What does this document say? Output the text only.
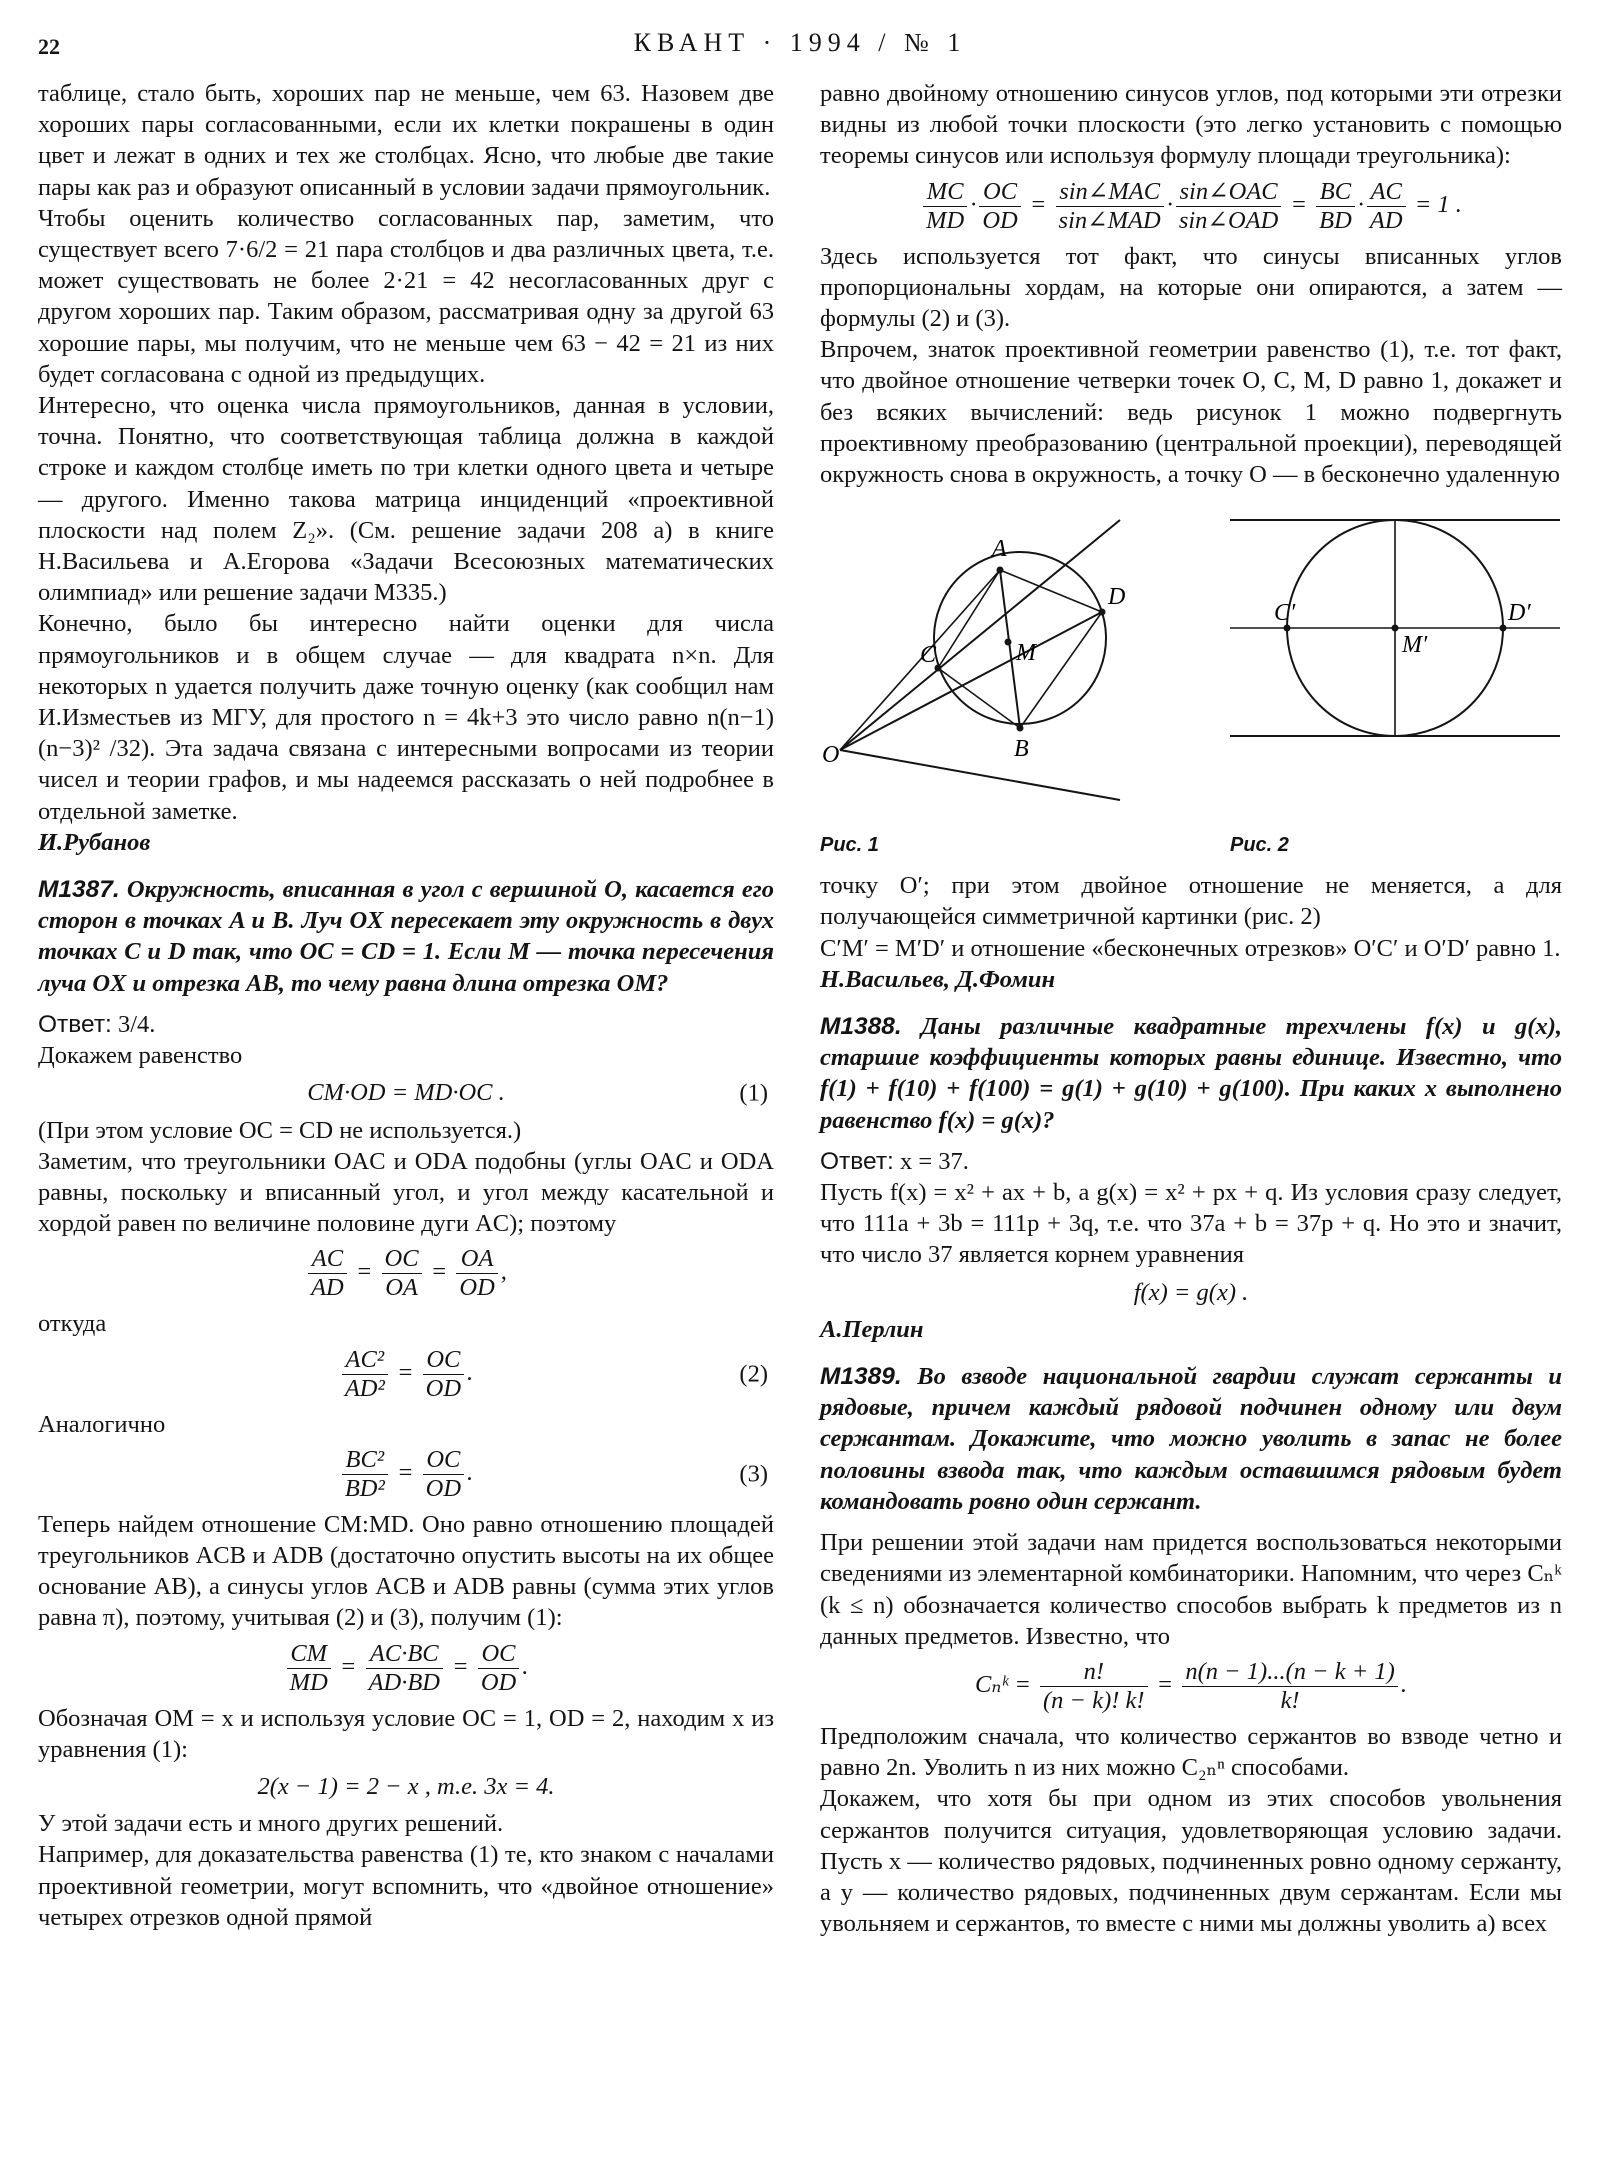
22	КВАНТ · 1994 / № 1

таблице, стало быть, хороших пар не меньше, чем 63. Назовем две хороших пары согласованными, если их клетки покрашены в один цвет и лежат в одних и тех же столбцах. Ясно, что любые две такие пары как раз и образуют описанный в условии задачи прямоугольник.

Чтобы оценить количество согласованных пар, заметим, что существует всего 7·6/2 = 21 пара столбцов и два различных цвета, т.е. может существовать не более 2·21 = 42 несогласованных друг с другом хороших пар. Таким образом, рассматривая одну за другой 63 хорошие пары, мы получим, что не меньше чем 63 − 42 = 21 из них будет согласована с одной из предыдущих.

Интересно, что оценка числа прямоугольников, данная в условии, точна. Понятно, что соответствующая таблица должна в каждой строке и каждом столбце иметь по три клетки одного цвета и четыре — другого. Именно такова матрица инциденций «проективной плоскости над полем Z₂». (См. решение задачи 208 а) в книге Н.Васильева и А.Егорова «Задачи Всесоюзных математических олимпиад» или решение задачи М335.)

Конечно, было бы интересно найти оценки для числа прямоугольников и в общем случае — для квадрата n×n. Для некоторых n удается получить даже точную оценку (как сообщил нам И.Изместьев из МГУ, для простого n = 4k+3 это число равно n(n−1)(n−3)² /32). Эта задача связана с интересными вопросами из теории чисел и теории графов, и мы надеемся рассказать о ней подробнее в отдельной заметке.

И.Рубанов

М1387. Окружность, вписанная в угол с вершиной O, касается его сторон в точках A и B. Луч OX пересекает эту окружность в двух точках C и D так, что OC = CD = 1. Если M — точка пересечения луча OX и отрезка AB, то чему равна длина отрезка OM?

Ответ: 3/4.

Докажем равенство

CM·OD = MD·OC .	(1)

(При этом условие OC = CD не используется.)

Заметим, что треугольники OAC и ODA подобны (углы OAC и ODA равны, поскольку и вписанный угол, и угол между касательной и хордой равен по величине половине дуги AC); поэтому

$\frac{AC}{AD} = \frac{OC}{OA} = \frac{OA}{OD}$ ,

откуда

$\frac{\text{AC²}}{\text{AD²}} = \frac{OC}{OD}$ .	(2)

Аналогично

$\frac{\text{BC²}}{\text{BD²}} = \frac{OC}{OD}$ .	(3)

Теперь найдем отношение CM:MD. Оно равно отношению площадей треугольников ACB и ADB (достаточно опустить высоты на их общее основание AB), а синусы углов ACB и ADB равны (сумма этих углов равна π), поэтому, учитывая (2) и (3), получим (1):

$\frac{CM}{MD} = \frac{AC\cdot BC}{AD\cdot BD} = \frac{OC}{OD}$ .

Обозначая OM = x и используя условие OC = 1, OD = 2, находим x из уравнения (1):

2(x − 1) = 2 − x , т.е. 3x = 4.

У этой задачи есть и много других решений.

Например, для доказательства равенства (1) те, кто знаком с началами проективной геометрии, могут вспомнить, что «двойное отношение» четырех отрезков одной прямой

равно двойному отношению синусов углов, под которыми эти отрезки видны из любой точки плоскости (это легко установить с помощью теоремы синусов или используя формулу площади треугольника):

$\frac{MC}{MD} \cdot \frac{OC}{OD} = \frac{\text{sin∠MAC}}{\text{sin∠MAD}} \cdot \frac{\text{sin∠OAC}}{\text{sin∠OAD}} = \frac{BC}{BD} \cdot \frac{AC}{AD} = 1$ .

Здесь используется тот факт, что синусы вписанных углов пропорциональны хордам, на которые они опираются, а затем — формулы (2) и (3).

Впрочем, знаток проективной геометрии равенство (1), т.е. тот факт, что двойное отношение четверки точек O, C, M, D равно 1, докажет и без всяких вычислений: ведь рисунок 1 можно подвергнуть проективному преобразованию (центральной проекции), переводящей окружность снова в окружность, а точку O — в бесконечно удаленную

A
B
C
D
M
O
Рис. 1
C′	D′
M′
Рис. 2

точку O′; при этом двойное отношение не меняется, а для получающейся симметричной картинки (рис. 2)

C′M′ = M′D′ и отношение «бесконечных отрезков» O′C′ и O′D′ равно 1.

Н.Васильев, Д.Фомин

М1388. Даны различные квадратные трехчлены f(x) и g(x), старшие коэффициенты которых равны единице. Известно, что f(1) + f(10) + f(100) = g(1) + g(10) + g(100). При каких x выполнено равенство f(x) = g(x)?

Ответ: x = 37.

Пусть f(x) = x² + ax + b, а g(x) = x² + px + q. Из условия сразу следует, что 111a + 3b = 111p + 3q, т.е. что 37a + b = 37p + q. Но это и значит, что число 37 является корнем уравнения

f(x) = g(x) .

А.Перлин

М1389. Во взводе национальной гвардии служат сержанты и рядовые, причем каждый рядовой подчинен одному или двум сержантам. Докажите, что можно уволить в запас не более половины взвода так, что каждым оставшимся рядовым будет командовать ровно один сержант.

При решении этой задачи нам придется воспользоваться некоторыми сведениями из элементарной комбинаторики. Напомним, что через Cₙᵏ (k ≤ n) обозначается количество способов выбрать k предметов из n данных предметов. Известно, что

Cₙᵏ = $\frac{n!}{(n - k)! k!} = \frac{n(n - 1)...(n - k + 1)}{k!}$ .

Предположим сначала, что количество сержантов во взводе четно и равно 2n. Уволить n из них можно C₂ₙⁿ способами.

Докажем, что хотя бы при одном из этих способов увольнения сержантов получится ситуация, удовлетворяющая условию задачи. Пусть x — количество рядовых, подчиненных ровно одному сержанту, а y — количество рядовых, подчиненных двум сержантам. Если мы увольняем и сержантов, то вместе с ними мы должны уволить а) всех
